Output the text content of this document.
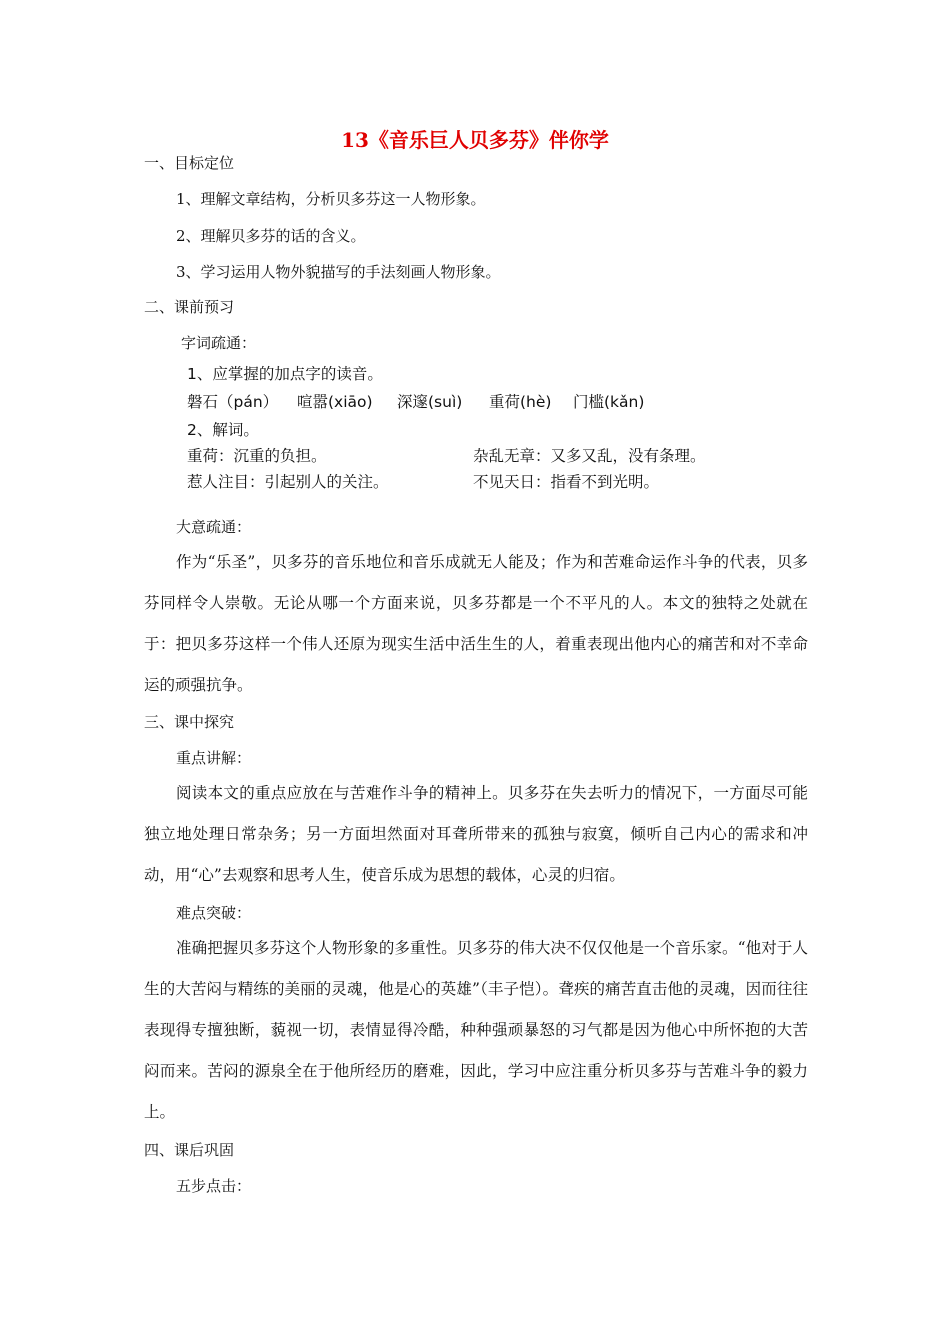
13《音乐巨人贝多芬》伴你学
一、目标定位
1、理解文章结构，分析贝多芬这一人物形象。
2、理解贝多芬的话的含义。
3、学习运用人物外貌描写的手法刻画人物形象。
二、课前预习
字词疏通：
1、应掌握的加点字的读音。
磐石（pán） 喧嚣(xiāo) 深邃(suì) 重荷(hè) 门槛(kǎn)
2、解词。
重荷：沉重的负担。	杂乱无章：又多又乱，没有条理。
惹人注目：引起别人的关注。	不见天日：指看不到光明。
大意疏通：
作为“乐圣”，贝多芬的音乐地位和音乐成就无人能及；作为和苦难命运作斗争的代表，贝多芬同样令人崇敬。无论从哪一个方面来说，贝多芬都是一个不平凡的人。本文的独特之处就在于：把贝多芬这样一个伟人还原为现实生活中活生生的人，着重表现出他内心的痛苦和对不幸命运的顽强抗争。
三、课中探究
重点讲解：
阅读本文的重点应放在与苦难作斗争的精神上。贝多芬在失去听力的情况下，一方面尽可能独立地处理日常杂务；另一方面坦然面对耳聋所带来的孤独与寂寞，倾听自己内心的需求和冲动，用“心”去观察和思考人生，使音乐成为思想的载体，心灵的归宿。
难点突破：
准确把握贝多芬这个人物形象的多重性。贝多芬的伟大决不仅仅他是一个音乐家。“他对于人生的大苦闷与精练的美丽的灵魂，他是心的英雄”（丰子恺）。聋疾的痛苦直击他的灵魂，因而往往表现得专擅独断，藐视一切，表情显得冷酷，种种强顽暴怒的习气都是因为他心中所怀抱的大苦闷而来。苦闷的源泉全在于他所经历的磨难，因此，学习中应注重分析贝多芬与苦难斗争的毅力上。
四、课后巩固
五步点击：
